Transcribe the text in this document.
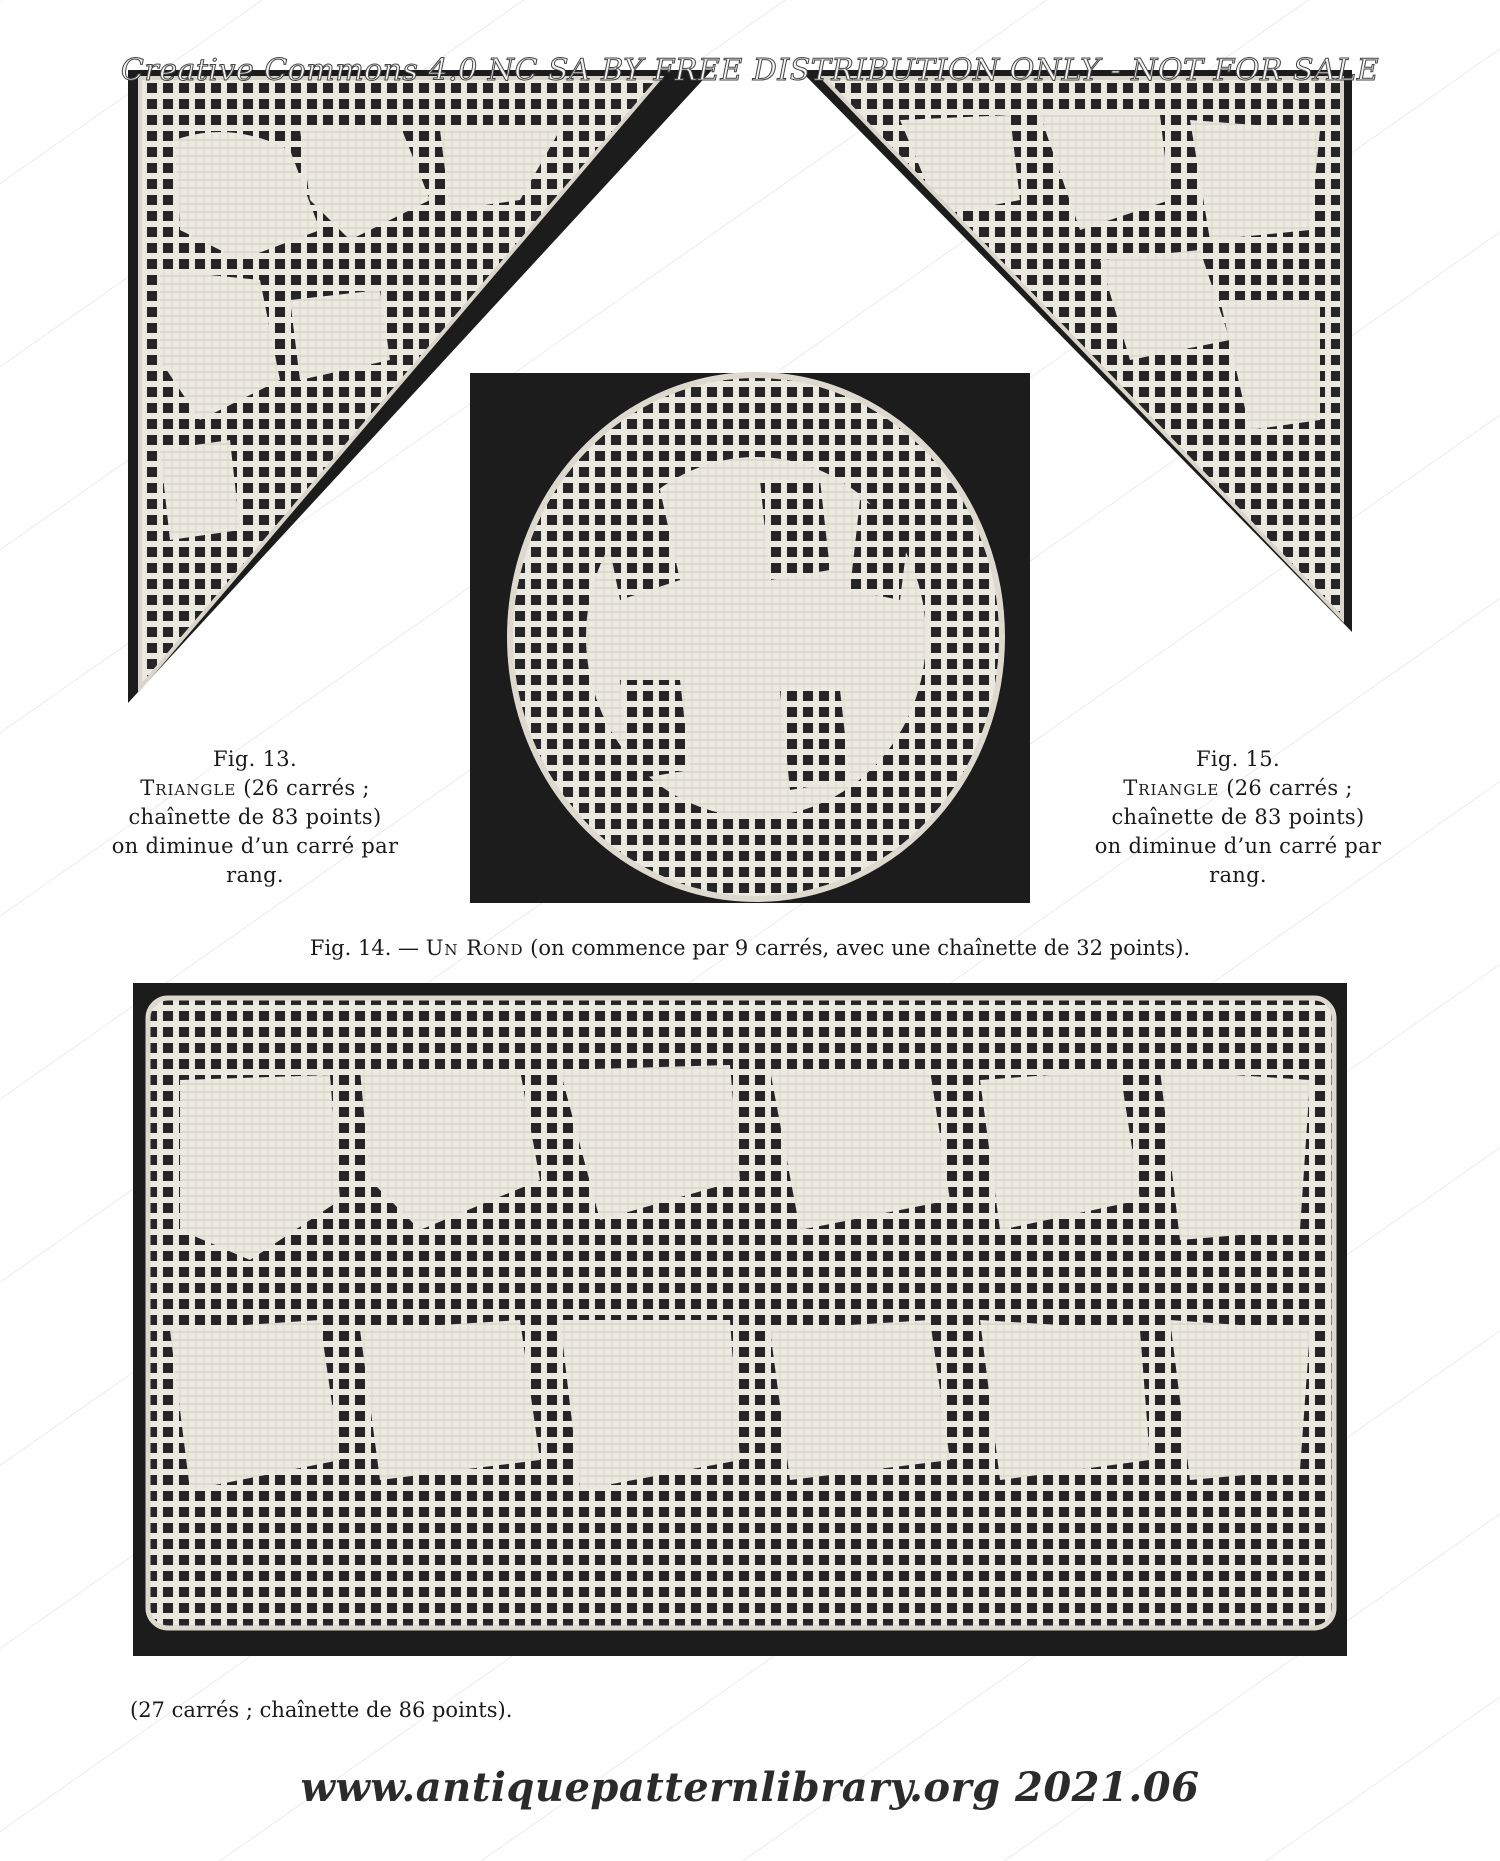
Creative Commons 4.0 NC SA BY FREE DISTRIBUTION ONLY - NOT FOR SALE
Fig. 13.
Triangle (26 carrés ;
chaînette de 83 points)
on diminue d’un carré par
rang.
Fig. 15.
Triangle (26 carrés ;
chaînette de 83 points)
on diminue d’un carré par
rang.
Fig. 14. — Un Rond (on commence par 9 carrés, avec une chaînette de 32 points).
(27 carrés ; chaînette de 86 points).
www.antiquepatternlibrary.org 2021.06
